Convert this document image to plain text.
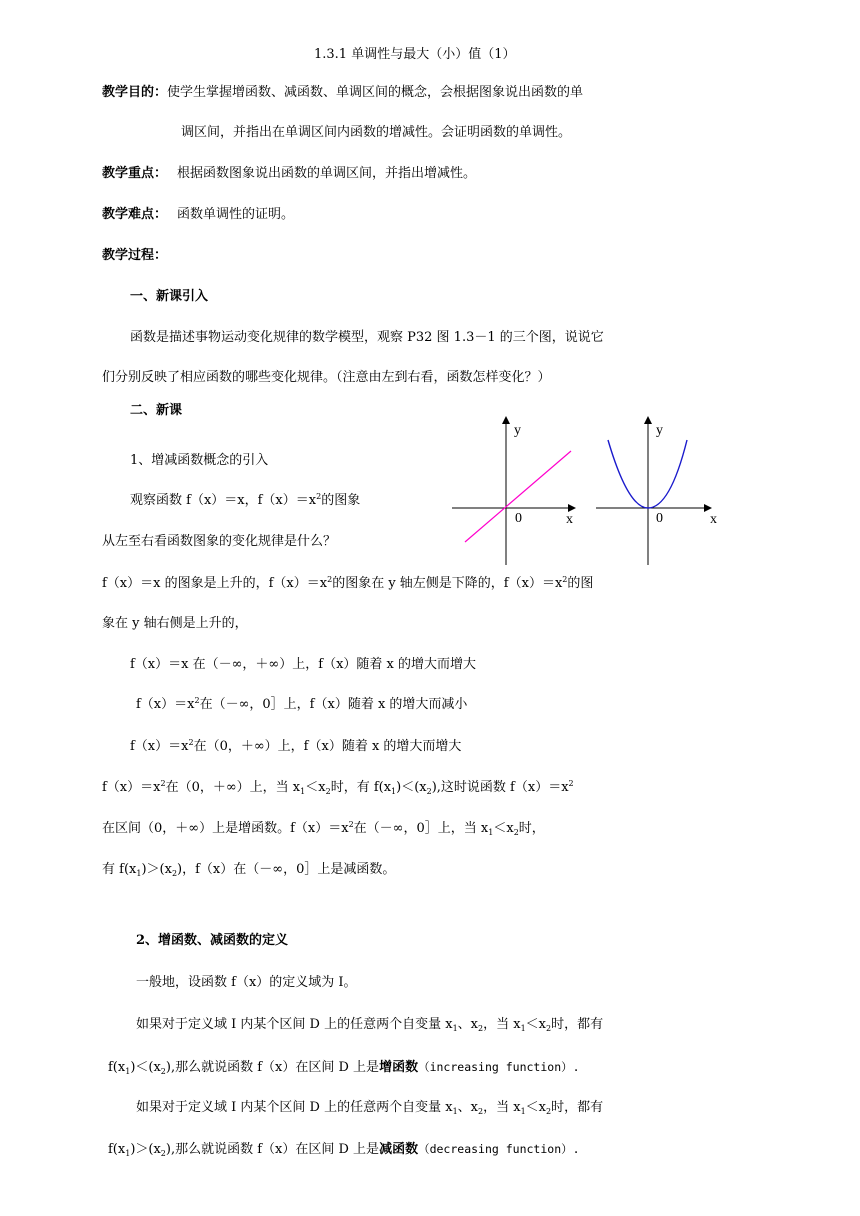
1.3.1 单调性与最大（小）值（1）
教学目的：使学生掌握增函数、减函数、单调区间的概念，会根据图象说出函数的单
调区间，并指出在单调区间内函数的增减性。会证明函数的单调性。
教学重点： 根据函数图象说出函数的单调区间，并指出增减性。
教学难点： 函数单调性的证明。
教学过程：
一、新课引入
函数是描述事物运动变化规律的数学模型，观察 P32 图 1.3－1 的三个图，说说它
们分别反映了相应函数的哪些变化规律。（注意由左到右看，函数怎样变化？）
二、新课
1、增减函数概念的引入
观察函数 f（x）＝x，$f(x)=x^2$的图象
从左至右看函数图象的变化规律是什么？
f（x）＝x 的图象是上升的，$f(x)=x^2$的图象在 y 轴左侧是下降的，$f(x)=x^2$的图
象在 y 轴右侧是上升的，
f（x）＝x 在（－∞，＋∞）上，f（x）随着 x 的增大而增大
$f(x)=x^2$在（－∞，0］上，f（x）随着 x 的增大而减小
$f(x)=x^2$在（0，＋∞）上，f（x）随着 x 的增大而增大
$f(x)=x^2$在（0，＋∞）上，当 $x_1<x_2$时，有 $f(x_1)<(x_2)$,这时说函数 $f(x)=x^2$
在区间（0，＋∞）上是增函数。$f(x)=x^2$在（－∞，0］上，当 $x_1<x_2$时，
有 $f(x_1)>(x_2)$，f（x）在（－∞，0］上是减函数。
2、增函数、减函数的定义
一般地，设函数 f（x）的定义域为 I。
如果对于定义域 I 内某个区间 D 上的任意两个自变量 $x_1$、$x_2$，当 $x_1<x_2$时，都有
$f(x_1)<(x_2)$,那么就说函数 f（x）在区间 D 上是增函数（increasing function）.
如果对于定义域 I 内某个区间 D 上的任意两个自变量 $x_1$、$x_2$，当 $x_1<x_2$时，都有
$f(x_1)>(x_2)$,那么就说函数 f（x）在区间 D 上是减函数（decreasing function）.
y
x
0
y
x
0
